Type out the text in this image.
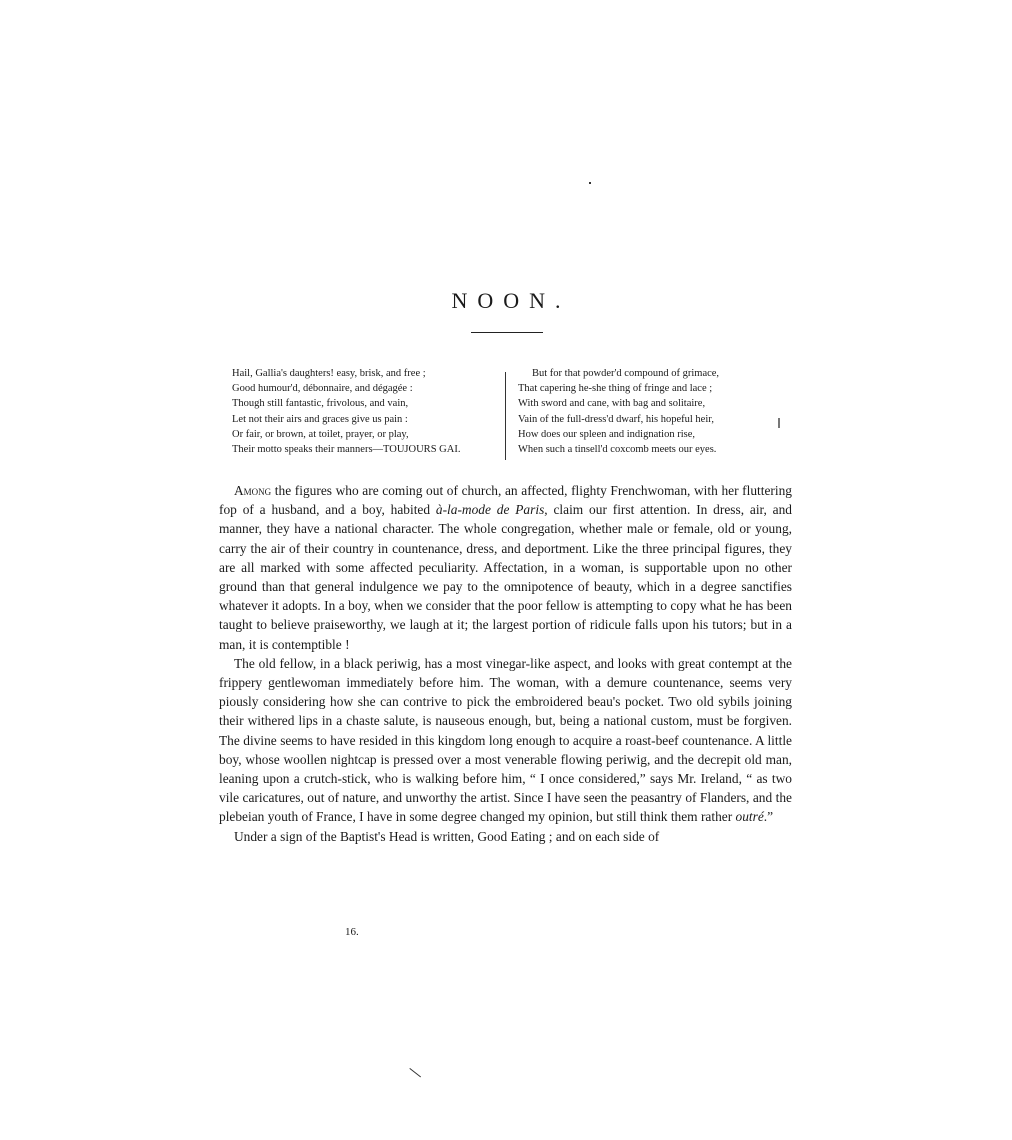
NOON.
Hail, Gallia's daughters! easy, brisk, and free ;
Good humour'd, débonnaire, and dégagée :
Though still fantastic, frivolous, and vain,
Let not their airs and graces give us pain :
Or fair, or brown, at toilet, prayer, or play,
Their motto speaks their manners—TOUJOURS GAI.
But for that powder'd compound of grimace,
That capering he-she thing of fringe and lace ;
With sword and cane, with bag and solitaire,
Vain of the full-dress'd dwarf, his hopeful heir,
How does our spleen and indignation rise,
When such a tinsell'd coxcomb meets our eyes.

Among the figures who are coming out of church, an affected, flighty Frenchwoman, with her fluttering fop of a husband, and a boy, habited à-la-mode de Paris, claim our first attention. In dress, air, and manner, they have a national character. The whole congregation, whether male or female, old or young, carry the air of their country in countenance, dress, and deportment. Like the three principal figures, they are all marked with some affected peculiarity. Affectation, in a woman, is supportable upon no other ground than that general indulgence we pay to the omnipotence of beauty, which in a degree sanctifies whatever it adopts. In a boy, when we consider that the poor fellow is attempting to copy what he has been taught to believe praiseworthy, we laugh at it; the largest portion of ridicule falls upon his tutors; but in a man, it is contemptible !

The old fellow, in a black periwig, has a most vinegar-like aspect, and looks with great contempt at the frippery gentlewoman immediately before him. The woman, with a demure countenance, seems very piously considering how she can contrive to pick the embroidered beau's pocket. Two old sybils joining their withered lips in a chaste salute, is nauseous enough, but, being a national custom, must be forgiven. The divine seems to have resided in this kingdom long enough to acquire a roast-beef countenance. A little boy, whose woollen nightcap is pressed over a most venerable flowing periwig, and the decrepit old man, leaning upon a crutch-stick, who is walking before him, “ I once considered,” says Mr. Ireland, “ as two vile caricatures, out of nature, and unworthy the artist. Since I have seen the peasantry of Flanders, and the plebeian youth of France, I have in some degree changed my opinion, but still think them rather outré.”

Under a sign of the Baptist's Head is written, Good Eating ; and on each side of

16.
